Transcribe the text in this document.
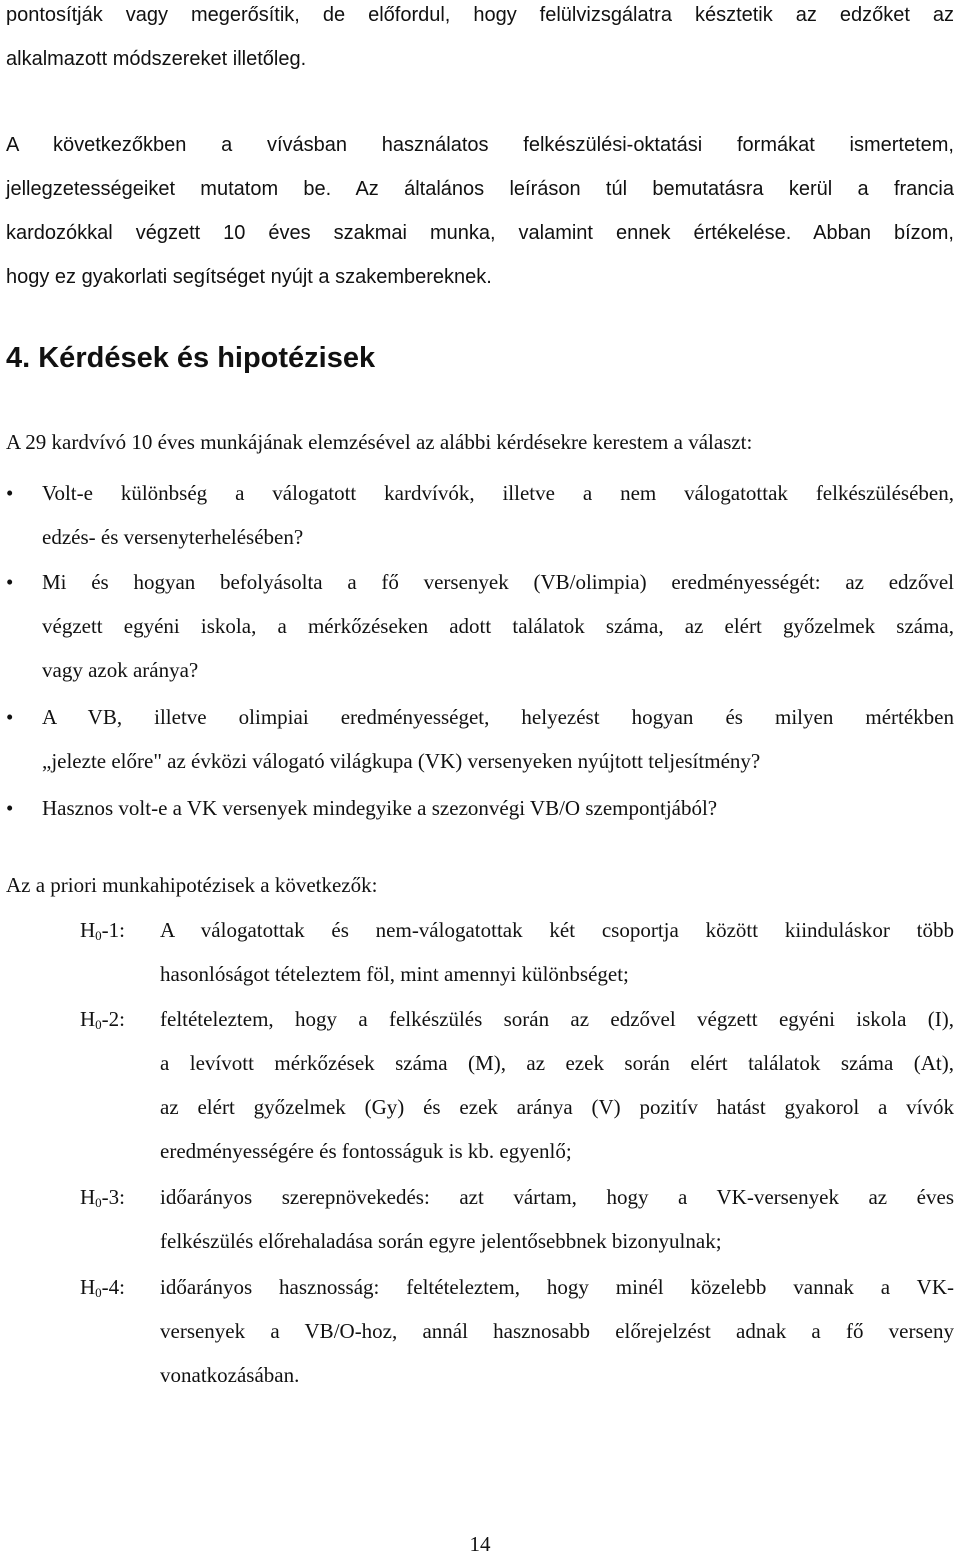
pontosítják vagy megerősítik, de előfordul, hogy felülvizsgálatra késztetik az edzőket az
alkalmazott módszereket illetőleg.
A következőkben a vívásban használatos felkészülési-oktatási formákat ismertetem,
jellegzetességeiket mutatom be. Az általános leíráson túl bemutatásra kerül a francia
kardozókkal végzett 10 éves szakmai munka, valamint ennek értékelése. Abban bízom,
hogy ez gyakorlati segítséget nyújt a szakembereknek.
4. Kérdések és hipotézisek
A 29 kardvívó 10 éves munkájának elemzésével az alábbi kérdésekre kerestem a választ:
• Volt-e különbség a válogatott kardvívók, illetve a nem válogatottak felkészülésében,
edzés- és versenyterhelésében?
• Mi és hogyan befolyásolta a fő versenyek (VB/olimpia) eredményességét: az edzővel
végzett egyéni iskola, a mérkőzéseken adott találatok száma, az elért győzelmek száma,
vagy azok aránya?
• A VB, illetve olimpiai eredményességet, helyezést hogyan és milyen mértékben
„jelezte előre" az évközi válogató világkupa (VK) versenyeken nyújtott teljesítmény?
• Hasznos volt-e a VK versenyek mindegyike a szezonvégi VB/O szempontjából?
Az a priori munkahipotézisek a következők:
$H_0-1$: A válogatottak és nem-válogatottak két csoportja között kiinduláskor több
hasonlóságot tételeztem föl, mint amennyi különbséget;
$H_0-2$: feltételeztem, hogy a felkészülés során az edzővel végzett egyéni iskola (I),
a levívott mérkőzések száma (M), az ezek során elért találatok száma (At),
az elért győzelmek (Gy) és ezek aránya (V) pozitív hatást gyakorol a vívók
eredményességére és fontosságuk is kb. egyenlő;
$H_0-3$: időarányos szerepnövekedés: azt vártam, hogy a VK-versenyek az éves
felkészülés előrehaladása során egyre jelentősebbnek bizonyulnak;
$H_0-4$: időarányos hasznosság: feltételeztem, hogy minél közelebb vannak a VK-
versenyek a VB/O-hoz, annál hasznosabb előrejelzést adnak a fő verseny
vonatkozásában.
14
